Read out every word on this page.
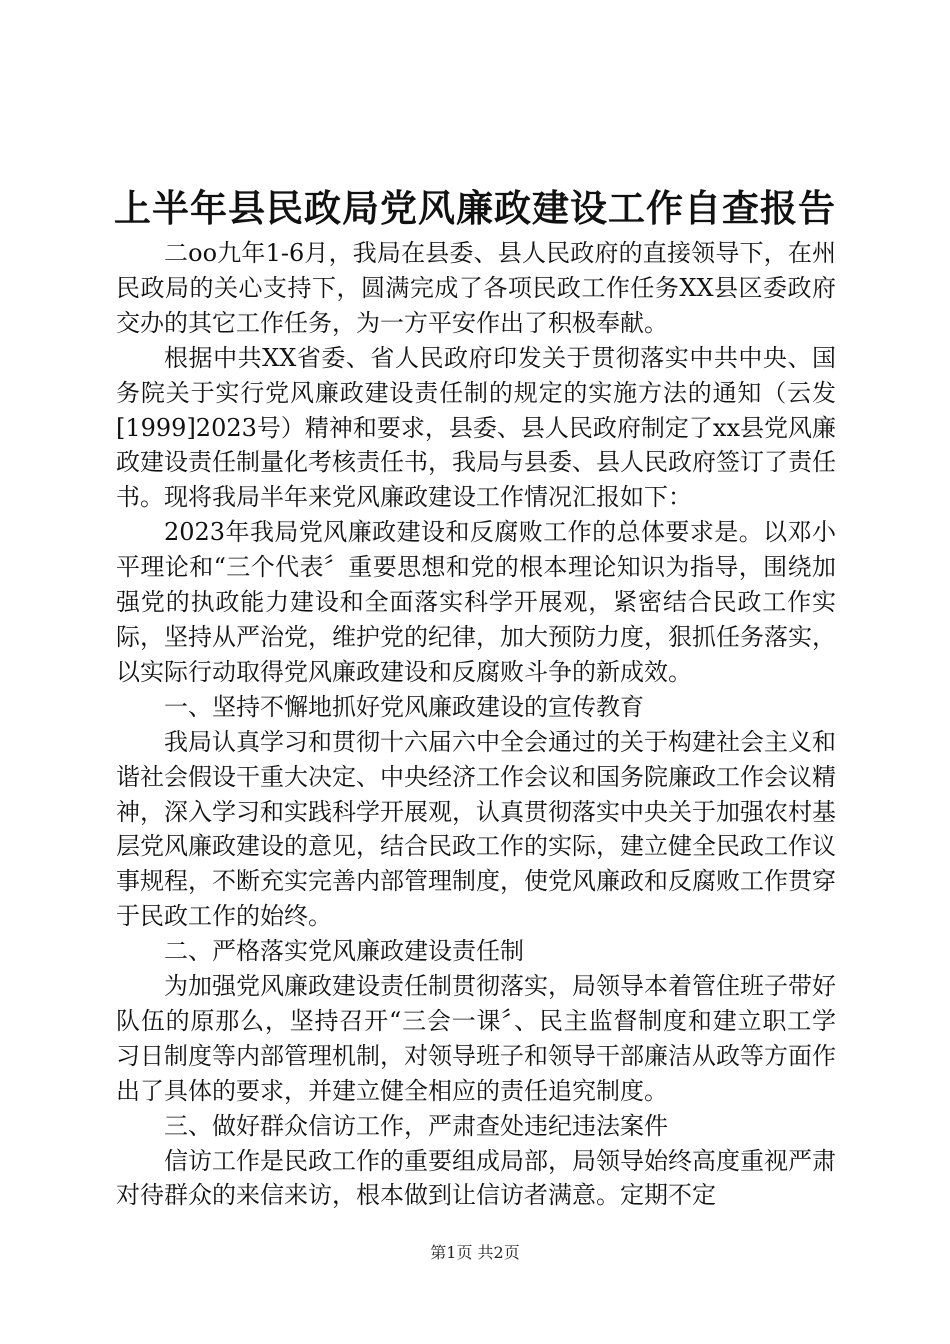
上半年县民政局党风廉政建设工作自查报告

二oo九年1-6月，我局在县委、县人民政府的直接领导下，在州民政局的关心支持下，圆满完成了各项民政工作任务XX县区委政府交办的其它工作任务，为一方平安作出了积极奉献。

根据中共XX省委、省人民政府印发关于贯彻落实中共中央、国务院关于实行党风廉政建设责任制的规定的实施方法的通知（云发[1999]2023号）精神和要求，县委、县人民政府制定了xx县党风廉政建设责任制量化考核责任书，我局与县委、县人民政府签订了责任书。现将我局半年来党风廉政建设工作情况汇报如下：

2023年我局党风廉政建设和反腐败工作的总体要求是。以邓小平理论和“三个代表〞重要思想和党的根本理论知识为指导，围绕加强党的执政能力建设和全面落实科学开展观，紧密结合民政工作实际，坚持从严治党，维护党的纪律，加大预防力度，狠抓任务落实，以实际行动取得党风廉政建设和反腐败斗争的新成效。

一、坚持不懈地抓好党风廉政建设的宣传教育

我局认真学习和贯彻十六届六中全会通过的关于构建社会主义和谐社会假设干重大决定、中央经济工作会议和国务院廉政工作会议精神，深入学习和实践科学开展观，认真贯彻落实中央关于加强农村基层党风廉政建设的意见，结合民政工作的实际，建立健全民政工作议事规程，不断充实完善内部管理制度，使党风廉政和反腐败工作贯穿于民政工作的始终。

二、严格落实党风廉政建设责任制

为加强党风廉政建设责任制贯彻落实，局领导本着管住班子带好队伍的原那么，坚持召开“三会一课〞、民主监督制度和建立职工学习日制度等内部管理机制，对领导班子和领导干部廉洁从政等方面作出了具体的要求，并建立健全相应的责任追究制度。

三、做好群众信访工作，严肃查处违纪违法案件

信访工作是民政工作的重要组成局部，局领导始终高度重视严肃对待群众的来信来访，根本做到让信访者满意。定期不定

第1页 共2页
